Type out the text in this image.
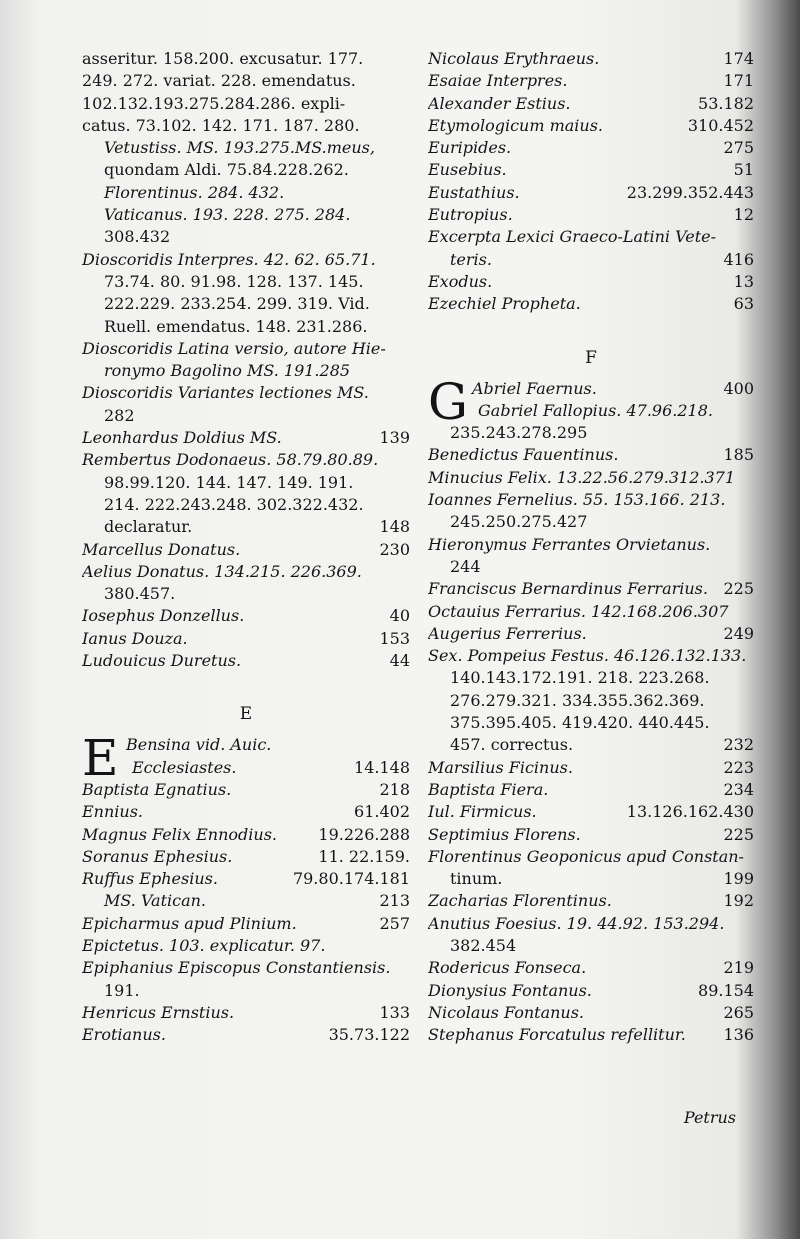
asseritur. 158.200. excusatur. 177.
249. 272. variat. 228. emendatus.
102.132.193.275.284.286. expli-
catus. 73.102. 142. 171. 187. 280.
Vetustiss. MS. 193.275.MS.meus,
quondam Aldi. 75.84.228.262.
Florentinus. 284. 432.
Vaticanus. 193. 228. 275. 284.
308.432
Dioscoridis Interpres. 42. 62. 65.71.
73.74. 80. 91.98. 128. 137. 145.
222.229. 233.254. 299. 319. Vid.
Ruell. emendatus. 148. 231.286.
Dioscoridis Latina versio, autore Hie-
ronymo Bagolino MS. 191.285
Dioscoridis Variantes lectiones MS.
282
Leonhardus Doldius MS.	139
Rembertus Dodonaeus. 58.79.80.89.
98.99.120. 144. 147. 149. 191.
214. 222.243.248. 302.322.432.
declaratur.	148
Marcellus Donatus.	230
Aelius Donatus. 134.215. 226.369.
380.457.
Iosephus Donzellus.	40
Ianus Douza.	153
Ludouicus Duretus.	44
E
E Bensina vid. Auic.
Ecclesiastes.	14.148
Baptista Egnatius.	218
Ennius.	61.402
Magnus Felix Ennodius.	19.226.288
Soranus Ephesius.	11. 22.159.
Ruffus Ephesius.	79.80.174.181
MS. Vatican.	213
Epicharmus apud Plinium.	257
Epictetus. 103. explicatur. 97.
Epiphanius Episcopus Constantiensis.
191.
Henricus Ernstius.	133
Erotianus.	35.73.122
Nicolaus Erythraeus.	174
Esaiae Interpres.	171
Alexander Estius.	53.182
Etymologicum maius.	310.452
Euripides.	275
Eusebius.	51
Eustathius.	23.299.352.443
Eutropius.	12
Excerpta Lexici Graeco-Latini Vete-
teris.	416
Exodus.	13
Ezechiel Propheta.	63
F
G Abriel Faernus.	400
Gabriel Fallopius. 47.96.218.
235.243.278.295
Benedictus Fauentinus.	185
Minucius Felix. 13.22.56.279.312.371
Ioannes Fernelius. 55. 153.166. 213.
245.250.275.427
Hieronymus Ferrantes Orvietanus.
244
Franciscus Bernardinus Ferrarius. 225
Octauius Ferrarius. 142.168.206.307
Augerius Ferrerius.	249
Sex. Pompeius Festus. 46.126.132.133.
140.143.172.191. 218. 223.268.
276.279.321. 334.355.362.369.
375.395.405. 419.420. 440.445.
457. correctus.	232
Marsilius Ficinus.	223
Baptista Fiera.	234
Iul. Firmicus.	13.126.162.430
Septimius Florens.	225
Florentinus Geoponicus apud Constan-
tinum.	199
Zacharias Florentinus.	192
Anutius Foesius. 19. 44.92. 153.294.
382.454
Rodericus Fonseca.	219
Dionysius Fontanus.	89.154
Nicolaus Fontanus.	265
Stephanus Forcatulus refellitur. 136
Petrus
